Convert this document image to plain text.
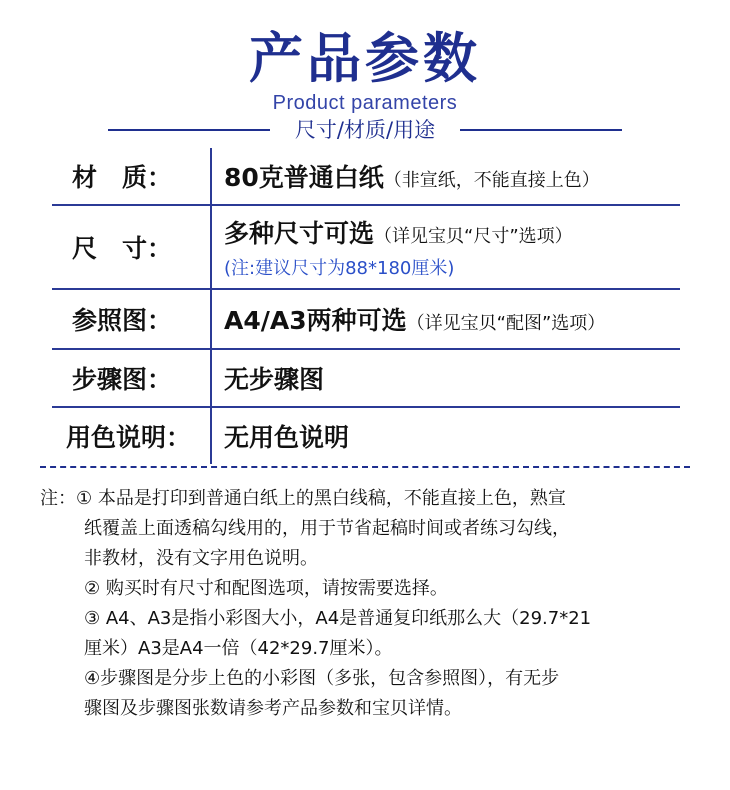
产品参数
Product parameters
尺寸/材质/用途
材　质：	80克普通白纸（非宣纸，不能直接上色）
尺　寸：
多种尺寸可选（详见宝贝“尺寸”选项）
(注:建议尺寸为88*180厘米)
参照图：	A4/A3两种可选（详见宝贝“配图”选项）
步骤图：	无步骤图
用色说明：	无用色说明
注：① 本品是打印到普通白纸上的黑白线稿，不能直接上色，熟宣
纸覆盖上面透稿勾线用的，用于节省起稿时间或者练习勾线，
非教材，没有文字用色说明。
② 购买时有尺寸和配图选项，请按需要选择。
③ A4、A3是指小彩图大小，A4是普通复印纸那么大（29.7*21
厘米）A3是A4一倍（42*29.7厘米）。
④步骤图是分步上色的小彩图（多张，包含参照图），有无步
骤图及步骤图张数请参考产品参数和宝贝详情。
